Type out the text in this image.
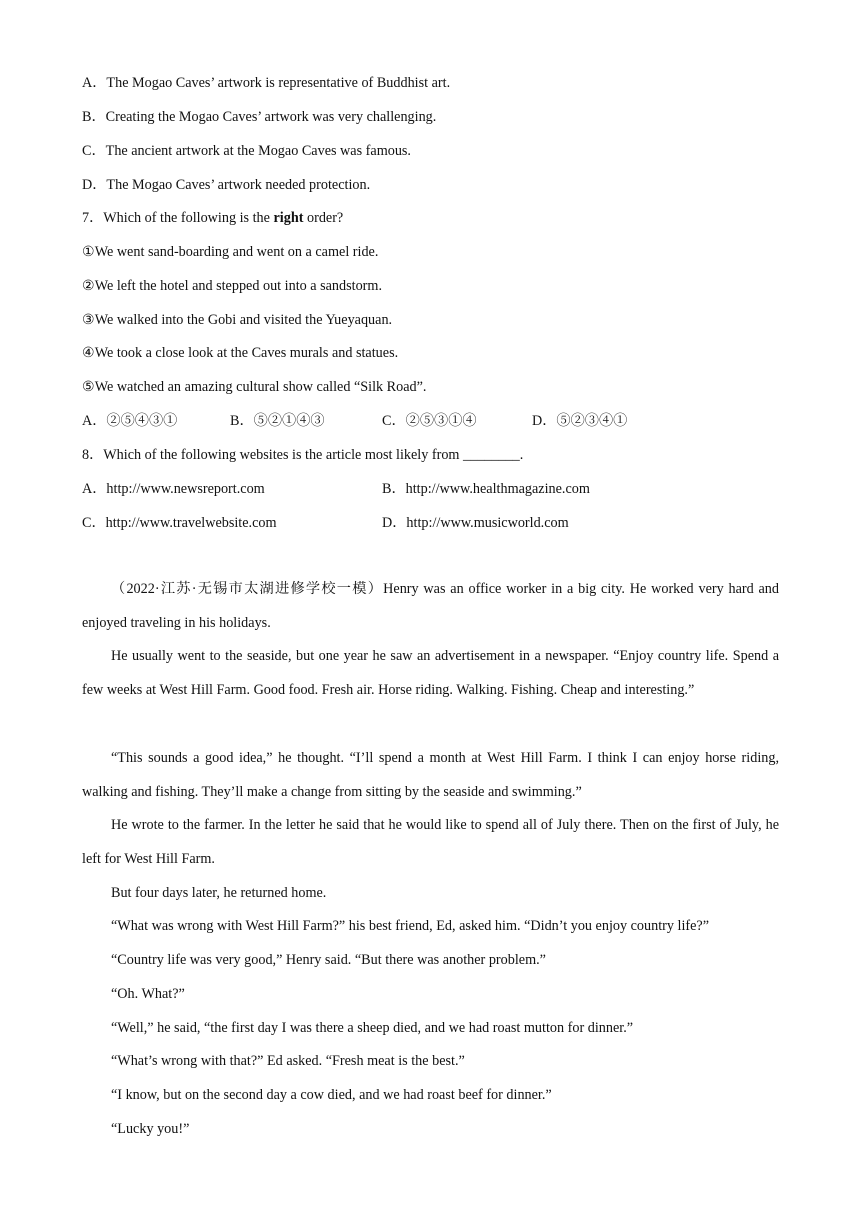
A．The Mogao Caves’ artwork is representative of Buddhist art.
B．Creating the Mogao Caves’ artwork was very challenging.
C．The ancient artwork at the Mogao Caves was famous.
D．The Mogao Caves’ artwork needed protection.
7．Which of the following is the right order?
①We went sand-boarding and went on a camel ride.
②We left the hotel and stepped out into a sandstorm.
③We walked into the Gobi and visited the Yueyaquan.
④We took a close look at the Caves murals and statues.
⑤We watched an amazing cultural show called “Silk Road”.
A．②⑤④③①	B．⑤②①④③	C．②⑤③①④	D．⑤②③④①
8．Which of the following websites is the article most likely from ________.
A．http://www.newsreport.com	B．http://www.healthmagazine.com
C．http://www.travelwebsite.com	D．http://www.musicworld.com
（2022·江苏·无锡市太湖进修学校一模）Henry was an office worker in a big city. He worked very hard and enjoyed traveling in his holidays.
He usually went to the seaside, but one year he saw an advertisement in a newspaper. “Enjoy country life. Spend a few weeks at West Hill Farm. Good food. Fresh air. Horse riding. Walking. Fishing. Cheap and interesting.”
“This sounds a good idea,” he thought. “I’ll spend a month at West Hill Farm. I think I can enjoy horse riding, walking and fishing. They’ll make a change from sitting by the seaside and swimming.”
He wrote to the farmer. In the letter he said that he would like to spend all of July there. Then on the first of July, he left for West Hill Farm.
But four days later, he returned home.
“What was wrong with West Hill Farm?” his best friend, Ed, asked him. “Didn’t you enjoy country life?”
“Country life was very good,” Henry said. “But there was another problem.”
“Oh. What?”
“Well,” he said, “the first day I was there a sheep died, and we had roast mutton for dinner.”
“What’s wrong with that?” Ed asked. “Fresh meat is the best.”
“I know, but on the second day a cow died, and we had roast beef for dinner.”
“Lucky you!”
